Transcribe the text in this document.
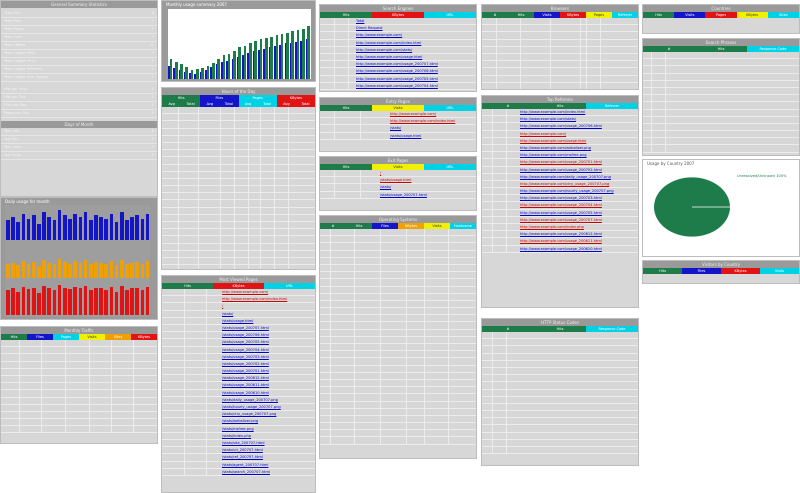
General Summary Statistics
Total Hits	8
Total Files	7
Total Pages	5
Total Visits	3
Total KBytes	41
Total Unique Sites	3
Total Unique URLs	5
Total Unique Referrers	2
Total Unique User Agents	2
Hits per Hour	0
Hits per Day	0
Files per Day	0
Pages per Day	0
Days of Month
Max Hits	8
Avg Hits	0
Max Visits	3
Avg Visits	0
Daily usage for month
Monthly Traffic
Hits	Files	Pages	Visits	Sites	KBytes
Monthly usage summary 2007
Hours of the Day
Hits	Files	Pages	KBytes
Avg	Total	Avg	Total	Avg	Total	Avg	Total
Most Viewed Pages
Hits	KBytes	URL
http://www.example.com/
http://www.example.com/index.html
/
/stats/
/stats/usage.html
/stats/usage_200707.html
/stats/usage_200706.html
/stats/usage_200705.html
/stats/usage_200704.html
/stats/usage_200703.html
/stats/usage_200702.html
/stats/usage_200701.html
/stats/usage_200612.html
/stats/usage_200611.html
/stats/usage_200610.html
/stats/daily_usage_200707.png
/stats/hourly_usage_200707.png
/stats/ctry_usage_200707.png
/stats/webalizer.png
/stats/msfree.png
/stats/index.php
/stats/site_200707.html
/stats/url_200707.html
/stats/ref_200707.html
/stats/agent_200707.html
/stats/search_200707.html
Search Engines
Hits	KBytes	URL
Total
Direct Request
http://www.example.com/
http://www.example.com/index.html
http://www.example.com/stats/
http://www.example.com/usage.html
http://www.example.com/usage_200707.html
http://www.example.com/usage_200706.html
http://www.example.com/usage_200705.html
http://www.example.com/usage_200704.html
Entry Pages
Hits	Visits	URL
http://www.example.com/
http://www.example.com/index.html
/stats/
/stats/usage.html
Exit Pages
Hits	Visits	URL
/
/stats/usage.html
/stats/
/stats/usage_200707.html
Operating Systems
#	Hits	Files	KBytes	Visits	Hostname
Browsers
#	Hits	Visits	KBytes	Pages	Referrer
Top Referrers
#	Hits	Referrer
http://www.example.com/index.html
http://www.example.com/stats/
http://www.example.com/usage_200706.html
http://www.example.com/
http://www.example.com/usage.html
http://www.example.com/webalizer.png
http://www.example.com/msfree.png
http://www.example.com/usage_200701.html
http://www.example.com/usage_200702.html
http://www.example.com/daily_usage_200707.png
http://www.example.com/ctry_usage_200707.png
http://www.example.com/hourly_usage_200707.png
http://www.example.com/usage_200703.html
http://www.example.com/usage_200704.html
http://www.example.com/usage_200705.html
http://www.example.com/usage_200707.html
http://www.example.com/index.php
http://www.example.com/usage_200612.html
http://www.example.com/usage_200611.html
http://www.example.com/usage_200610.html
HTTP Status Codes
#	Hits	Response Code
Countries
Hits	Visits	Pages	KBytes	Sites
Search Phrases
#	Hits	Response Code
Usage by Country 2007
Unresolved/Unknown 100%
Visitors by Country
Hits	Files	KBytes	Visits
